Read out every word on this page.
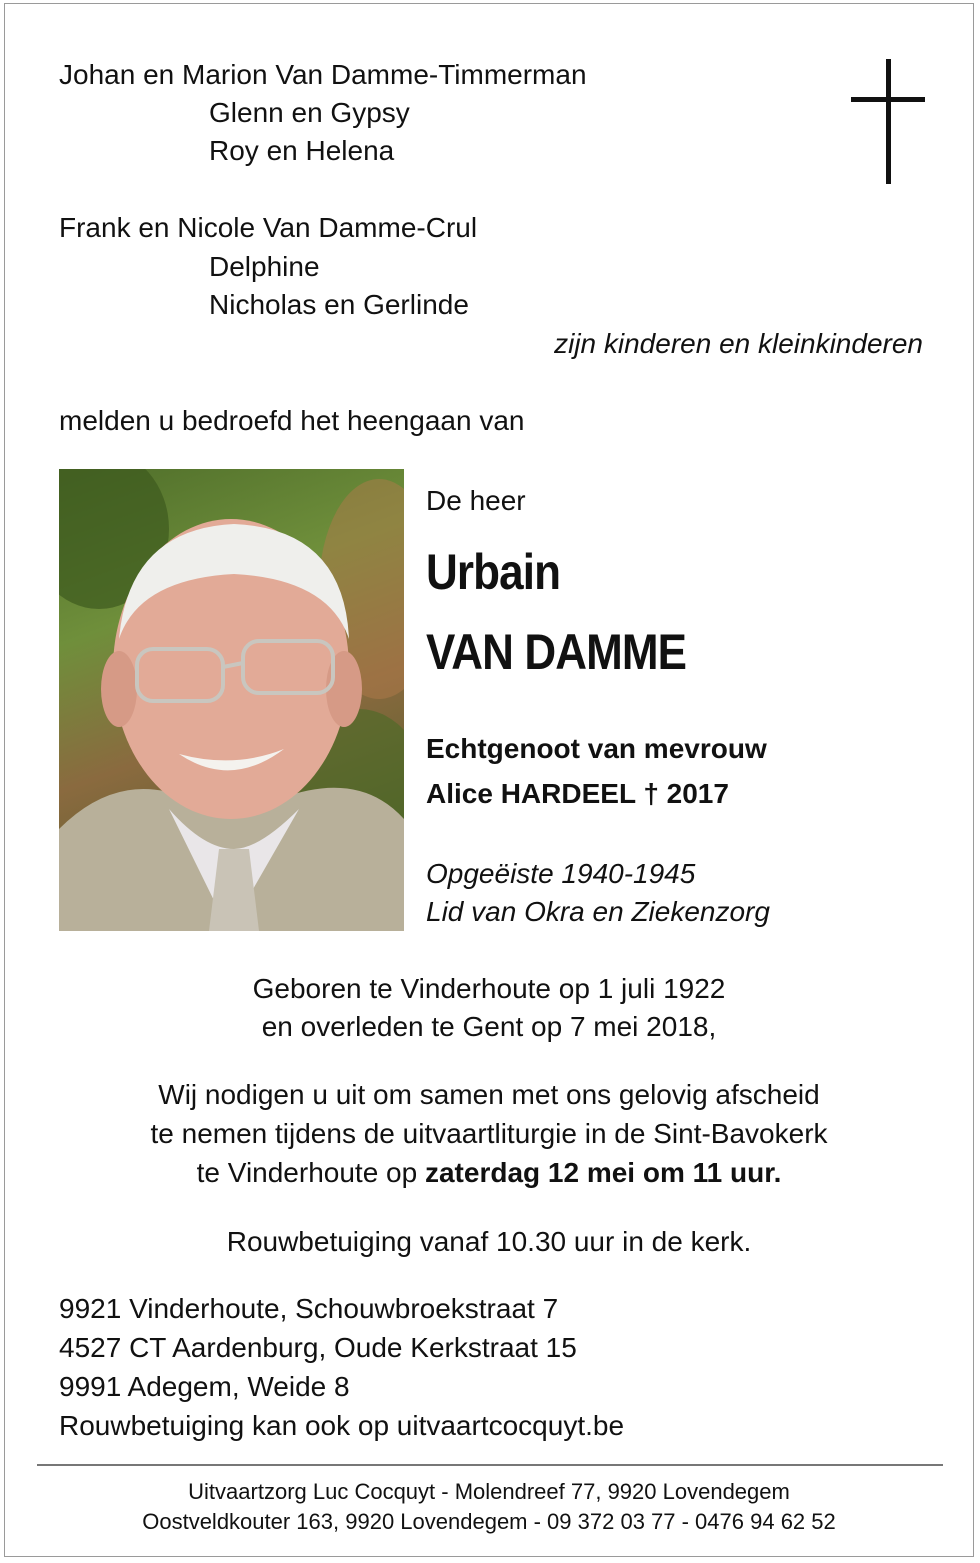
Johan en Marion Van Damme-Timmerman
Glenn en Gypsy
Roy en Helena
Frank en Nicole Van Damme-Crul
Delphine
Nicholas en Gerlinde
zijn kinderen en kleinkinderen
melden u bedroefd het heengaan van
De heer
Urbain
VAN DAMME
Echtgenoot van mevrouw
Alice HARDEEL † 2017
Opgeëiste 1940-1945
Lid van Okra en Ziekenzorg
Geboren te Vinderhoute op 1 juli 1922
en overleden te Gent op 7 mei 2018,
Wij nodigen u uit om samen met ons gelovig afscheid
te nemen tijdens de uitvaartliturgie in de Sint-Bavokerk
te Vinderhoute op zaterdag 12 mei om 11 uur.
Rouwbetuiging vanaf 10.30 uur in de kerk.
9921 Vinderhoute, Schouwbroekstraat 7
4527 CT Aardenburg, Oude Kerkstraat 15
9991 Adegem, Weide 8
Rouwbetuiging kan ook op uitvaartcocquyt.be
Uitvaartzorg Luc Cocquyt - Molendreef 77, 9920 Lovendegem
Oostveldkouter 163, 9920 Lovendegem - 09 372 03 77 - 0476 94 62 52
